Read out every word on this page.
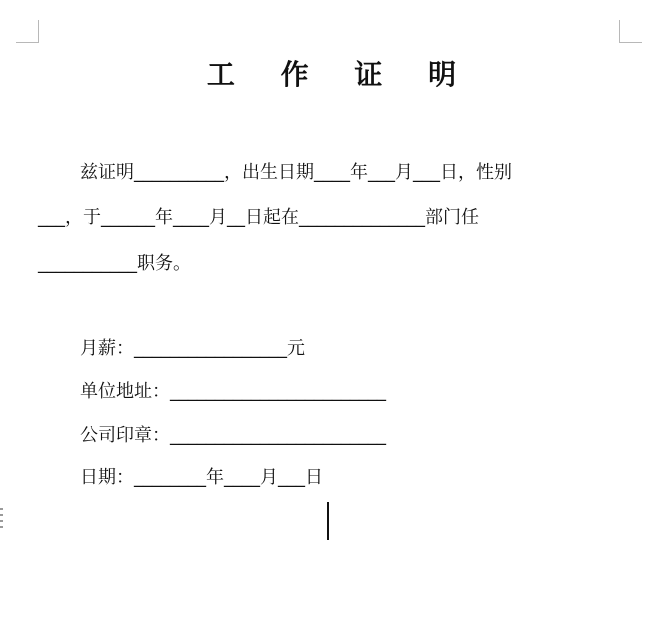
工 作 证 明
兹证明__________，出生日期____年___月___日，性别
___，于______年____月__日起在______________部门任
___________职务。
月薪：_________________元
单位地址：________________________
公司印章：________________________
日期：________年____月___日
